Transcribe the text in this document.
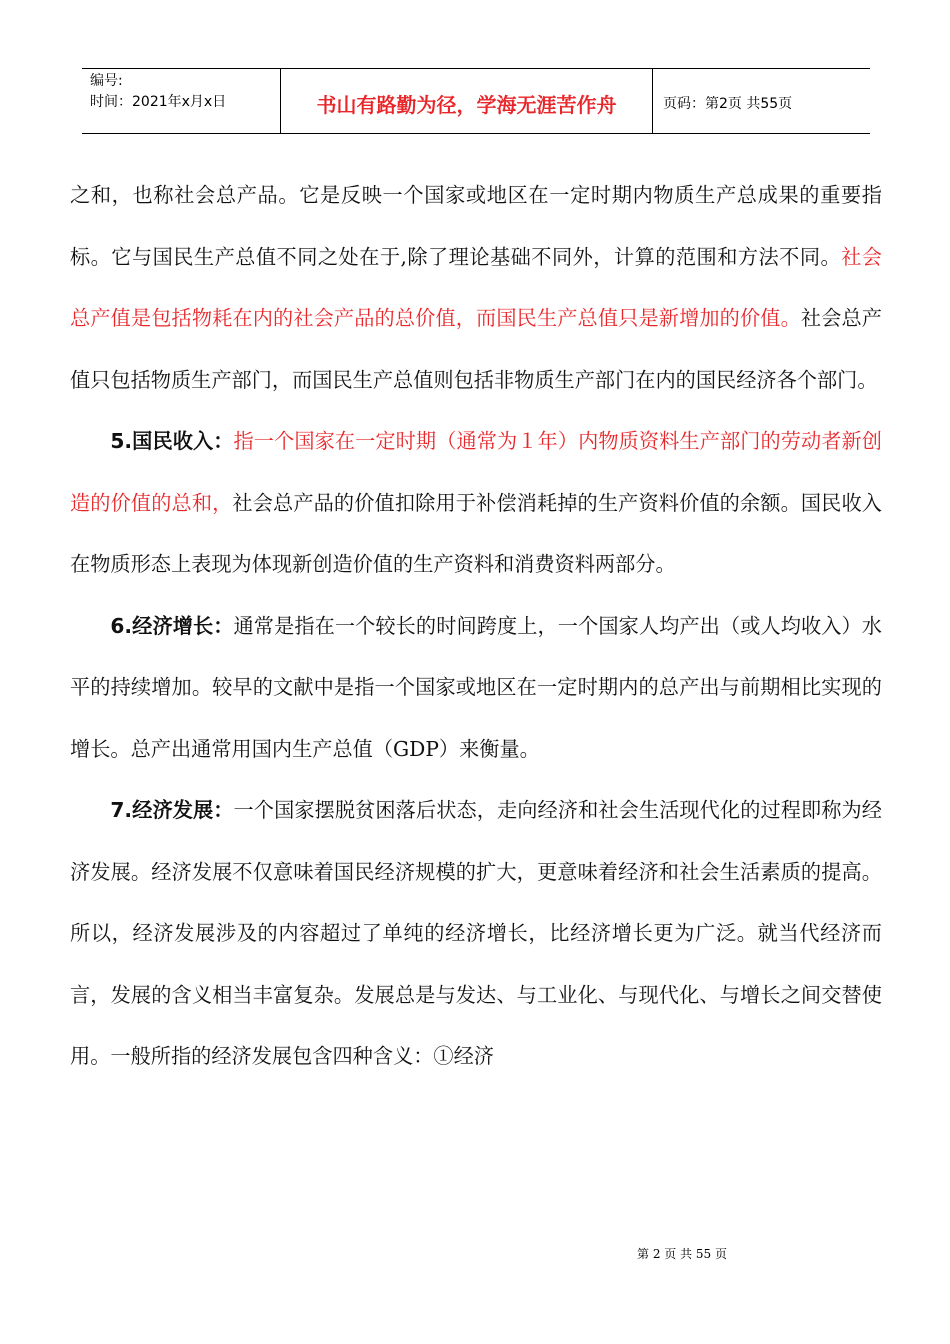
编号:
时间：2021年x月x日	书山有路勤为径，学海无涯苦作舟	页码：第2页 共55页

之和，也称社会总产品。它是反映一个国家或地区在一定时期内物质生产总成果的重要指标。它与国民生产总值不同之处在于,除了理论基础不同外，计算的范围和方法不同。社会总产值是包括物耗在内的社会产品的总价值，而国民生产总值只是新增加的价值。社会总产值只包括物质生产部门，而国民生产总值则包括非物质生产部门在内的国民经济各个部门。

5.国民收入：指一个国家在一定时期（通常为１年）内物质资料生产部门的劳动者新创造的价值的总和，社会总产品的价值扣除用于补偿消耗掉的生产资料价值的余额。国民收入在物质形态上表现为体现新创造价值的生产资料和消费资料两部分。

6.经济增长：通常是指在一个较长的时间跨度上，一个国家人均产出（或人均收入）水平的持续增加。较早的文献中是指一个国家或地区在一定时期内的总产出与前期相比实现的增长。总产出通常用国内生产总值（GDP）来衡量。

7.经济发展：一个国家摆脱贫困落后状态，走向经济和社会生活现代化的过程即称为经济发展。经济发展不仅意味着国民经济规模的扩大，更意味着经济和社会生活素质的提高。所以，经济发展涉及的内容超过了单纯的经济增长，比经济增长更为广泛。就当代经济而言，发展的含义相当丰富复杂。发展总是与发达、与工业化、与现代化、与增长之间交替使用。一般所指的经济发展包含四种含义：①经济

第 2 页 共 55 页
